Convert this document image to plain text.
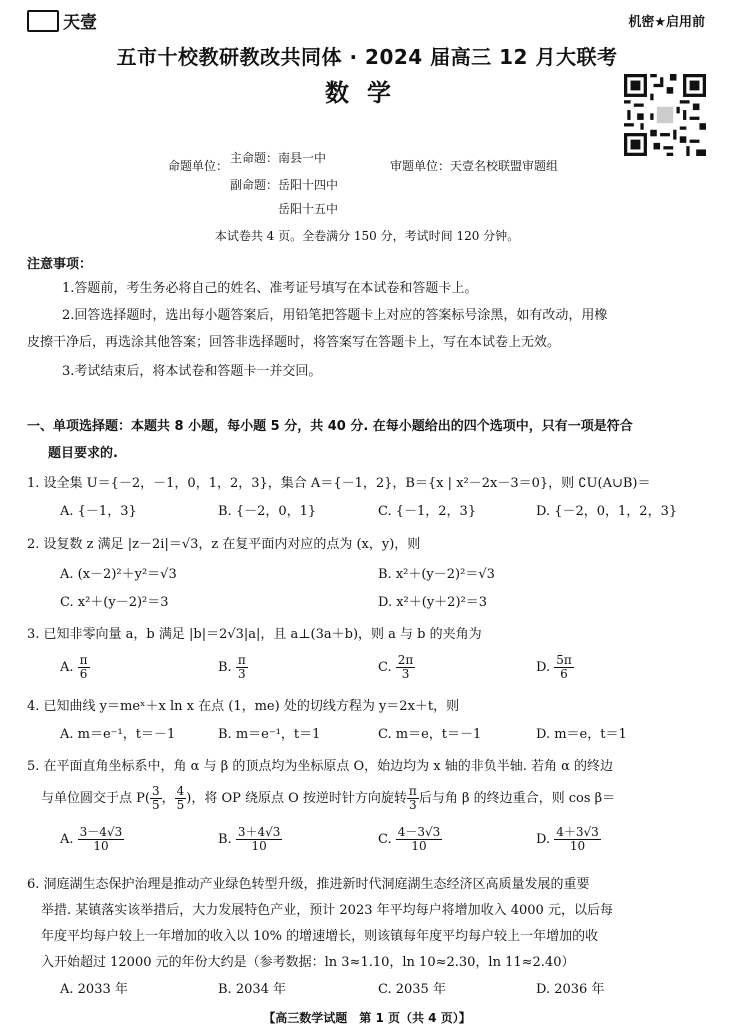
天壹	机密★启用前
五市十校教研教改共同体 · 2024 届高三 12 月大联考
数学
命题单位：
主命题：南县一中
副命题：岳阳十四中
岳阳十五中
审题单位：天壹名校联盟审题组
本试卷共 4 页。全卷满分 150 分，考试时间 120 分钟。
注意事项：
1.答题前，考生务必将自己的姓名、准考证号填写在本试卷和答题卡上。
2.回答选择题时，选出每小题答案后，用铅笔把答题卡上对应的答案标号涂黑，如有改动，用橡
皮擦干净后，再选涂其他答案；回答非选择题时，将答案写在答题卡上，写在本试卷上无效。
3.考试结束后，将本试卷和答题卡一并交回。
一、单项选择题：本题共 8 小题，每小题 5 分，共 40 分. 在每小题给出的四个选项中，只有一项是符合
题目要求的.
1. 设全集 U＝{－2，－1，0，1，2，3}，集合 A＝{－1，2}，B＝{x | x²－2x－3＝0}，则 ∁U(A∪B)＝
A. {－1，3}	B. {－2，0，1}	C. {－1，2，3}	D. {－2，0，1，2，3}
2. 设复数 z 满足 |z－2i|＝√3，z 在复平面内对应的点为 (x，y)，则
A. (x－2)²＋y²＝√3	B. x²＋(y－2)²＝√3
C. x²＋(y－2)²＝3	D. x²＋(y＋2)²＝3
3. 已知非零向量 a，b 满足 |b|＝2√3|a|，且 a⊥(3a＋b)，则 a 与 b 的夹角为
A. $\frac{\pi}{6}$	B. $\frac{\pi}{3}$	C. $\frac{2\pi}{3}$	D. $\frac{5\pi}{6}$
4. 已知曲线 y＝meˣ＋x ln x 在点 (1，me) 处的切线方程为 y＝2x＋t，则
A. m＝e⁻¹，t＝－1	B. m＝e⁻¹，t＝1	C. m＝e，t＝－1	D. m＝e，t＝1
5. 在平面直角坐标系中，角 α 与 β 的顶点均为坐标原点 O，始边均为 x 轴的非负半轴. 若角 α 的终边
与单位圆交于点 $P( \frac{3}{5}$ ， $\frac{4}{5}$ )，将 OP 绕原点 O 按逆时针方向旋转 $\frac{\pi}{3}$ 后与角 β 的终边重合，则 cos β＝
A. $\frac{3-4√3}{10}$	B. $\frac{3+4√3}{10}$	C. $\frac{4-3√3}{10}$	D. $\frac{4+3√3}{10}$
6. 洞庭湖生态保护治理是推动产业绿色转型升级，推进新时代洞庭湖生态经济区高质量发展的重要
举措. 某镇落实该举措后，大力发展特色产业，预计 2023 年平均每户将增加收入 4000 元，以后每
年度平均每户较上一年增加的收入以 10% 的增速增长，则该镇每年度平均每户较上一年增加的收
入开始超过 12000 元的年份大约是（参考数据：ln 3≈1.10，ln 10≈2.30，ln 11≈2.40）
A. 2033 年	B. 2034 年	C. 2035 年	D. 2036 年
【高三数学试题　第 1 页（共 4 页）】
